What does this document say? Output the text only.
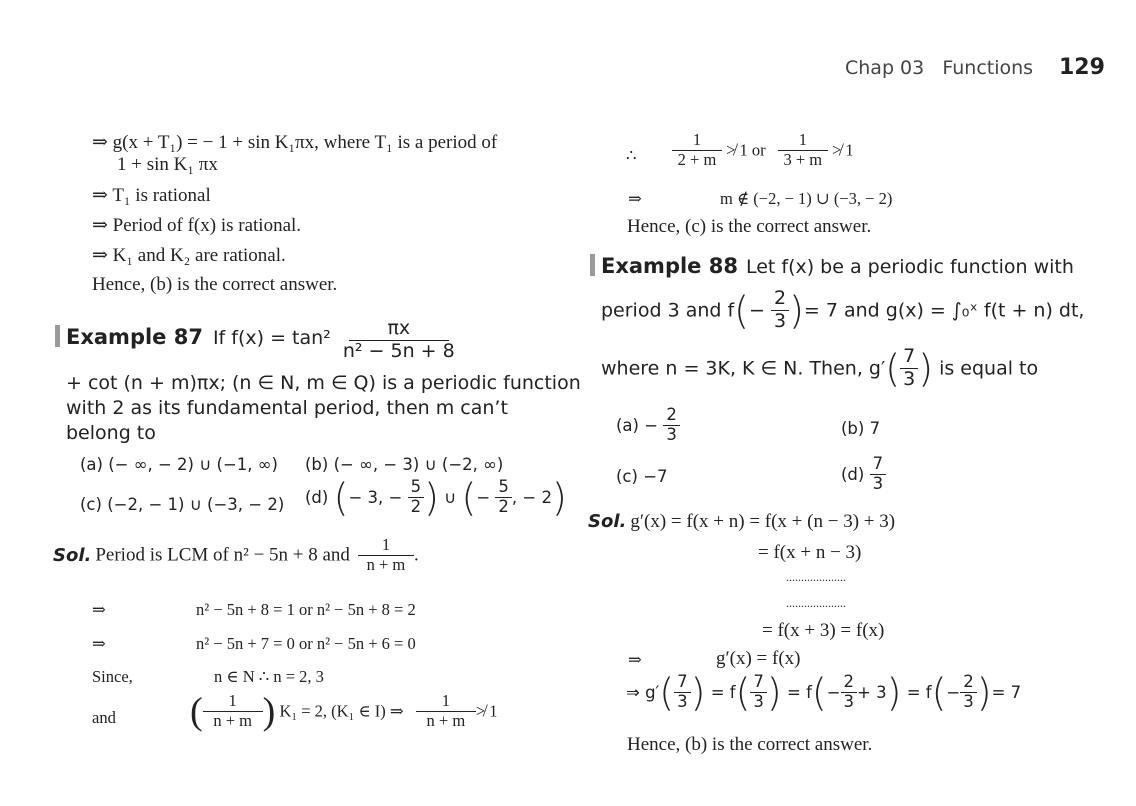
Chap 03 Functions 129
⇒ g(x + T₁) = − 1 + sin K₁πx, where T₁ is a period of
1 + sin K₁ πx
⇒ T₁ is rational
⇒ Period of f(x) is rational.
⇒ K₁ and K₂ are rational.
Hence, (b) is the correct answer.
Example 87 If $f(x) = \tan^2 \frac{\pi x}{\text{n² − 5n + 8}}$
+ cot (n + m)πx; (n ∈ N, m ∈ Q) is a periodic function
with 2 as its fundamental period, then m can’t
belong to
(a) (− ∞, − 2) ∪ (−1, ∞) (b) (− ∞, − 3) ∪ (−2, ∞)
(c) (−2, − 1) ∪ (−3, − 2) (d) (− 3, − $\frac{5}{2}$ ) ∪ (− $\frac{5}{2}$ , − 2)
Sol. Period is LCM of n² − 5n + 8 and $\frac{1}{n + m}$ .
⇒	n² − 5n + 8 = 1 or n² − 5n + 8 = 2
⇒	n² − 5n + 7 = 0 or n² − 5n + 6 = 0
Since,	n ∈ N ∴ n = 2, 3
and ( $\frac{1}{n + m}$ ) K₁ = 2, (K₁ ∈ I) ⇒ $\frac{1}{n + m}$ ≯ 1
∴ $\frac{1}{2 + m}$ ≯ 1 or $\frac{1}{3 + m}$ ≯ 1
⇒	m ∉ (−2, − 1) ∪ (−3, − 2)
Hence, (c) is the correct answer.
Example 88 Let f(x) be a periodic function with
period 3 and $f(- \frac{2}{3}$ )= 7 and g(x) = ∫₀ˣ f(t + n) dt,
where n = 3K, K ∈ N. Then, $g'( \frac{7}{3}$ ) is equal to
$(a) - \frac{2}{3}$	(b) 7
(c) −7	$(d) \frac{7}{3}$
Sol. g′(x) = f(x + n) = f(x + (n − 3) + 3)
= f(x + n − 3)
....................
....................
= f(x + 3) = f(x)
⇒	g′(x) = f(x)
⇒ $g'( \frac{7}{3}$ ) = $f( \frac{7}{3}$ ) = $f(- \frac{2}{3} + 3) = f(- \frac{2}{3}$ )= 7
Hence, (b) is the correct answer.
